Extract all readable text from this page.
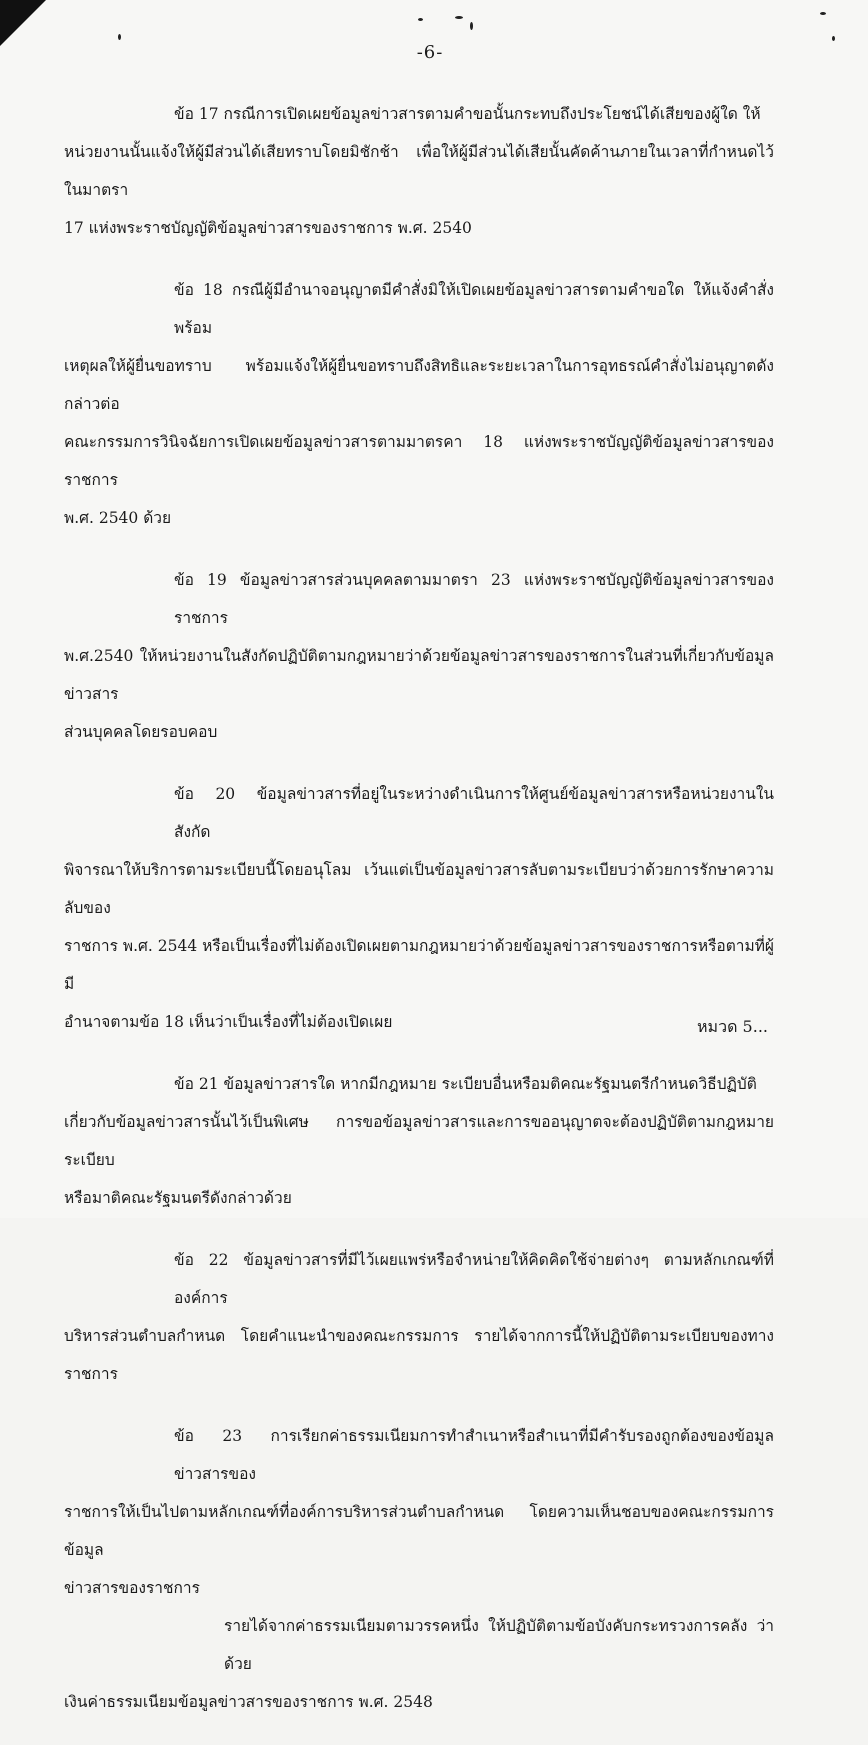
-6-

ข้อ 17 กรณีการเปิดเผยข้อมูลข่าวสารตามคำขอนั้นกระทบถึงประโยชน์ได้เสียของผู้ใด ให้
หน่วยงานนั้นแจ้งให้ผู้มีส่วนได้เสียทราบโดยมิชักช้า เพื่อให้ผู้มีส่วนได้เสียนั้นคัดค้านภายในเวลาที่กำหนดไว้ในมาตรา
17 แห่งพระราชบัญญัติข้อมูลข่าวสารของราชการ พ.ศ. 2540

ข้อ 18 กรณีผู้มีอำนาจอนุญาตมีคำสั่งมิให้เปิดเผยข้อมูลข่าวสารตามคำขอใด ให้แจ้งคำสั่งพร้อม
เหตุผลให้ผู้ยื่นขอทราบ พร้อมแจ้งให้ผู้ยื่นขอทราบถึงสิทธิและระยะเวลาในการอุทธรณ์คำสั่งไม่อนุญาตดังกล่าวต่อ
คณะกรรมการวินิจฉัยการเปิดเผยข้อมูลข่าวสารตามมาตรคา 18 แห่งพระราชบัญญัติข้อมูลข่าวสารของราชการ
พ.ศ. 2540 ด้วย

ข้อ 19 ข้อมูลข่าวสารส่วนบุคคลตามมาตรา 23 แห่งพระราชบัญญัติข้อมูลข่าวสารของราชการ
พ.ศ.2540 ให้หน่วยงานในสังกัดปฏิบัติตามกฎหมายว่าด้วยข้อมูลข่าวสารของราชการในส่วนที่เกี่ยวกับข้อมูลข่าวสาร
ส่วนบุคคลโดยรอบคอบ

ข้อ 20 ข้อมูลข่าวสารที่อยู่ในระหว่างดำเนินการให้ศูนย์ข้อมูลข่าวสารหรือหน่วยงานในสังกัด
พิจารณาให้บริการตามระเบียบนี้โดยอนุโลม เว้นแต่เป็นข้อมูลข่าวสารลับตามระเบียบว่าด้วยการรักษาความลับของ
ราชการ พ.ศ. 2544 หรือเป็นเรื่องที่ไม่ต้องเปิดเผยตามกฎหมายว่าด้วยข้อมูลข่าวสารของราชการหรือตามที่ผู้มี
อำนาจตามข้อ 18 เห็นว่าเป็นเรื่องที่ไม่ต้องเปิดเผย

ข้อ 21 ข้อมูลข่าวสารใด หากมีกฎหมาย ระเบียบอื่นหรือมติคณะรัฐมนตรีกำหนดวิธีปฏิบัติ
เกี่ยวกับข้อมูลข่าวสารนั้นไว้เป็นพิเศษ การขอข้อมูลข่าวสารและการขออนุญาตจะต้องปฏิบัติตามกฎหมาย ระเบียบ
หรือมาติคณะรัฐมนตรีดังกล่าวด้วย

ข้อ 22 ข้อมูลข่าวสารที่มีไว้เผยแพร่หรือจำหน่ายให้คิดคิดใช้จ่ายต่างๆ ตามหลักเกณฑ์ที่องค์การ
บริหารส่วนตำบลกำหนด โดยคำแนะนำของคณะกรรมการ รายได้จากการนี้ให้ปฏิบัติตามระเบียบของทางราชการ

ข้อ 23 การเรียกค่าธรรมเนียมการทำสำเนาหรือสำเนาที่มีคำรับรองถูกต้องของข้อมูลข่าวสารของ
ราชการให้เป็นไปตามหลักเกณฑ์ที่องค์การบริหารส่วนตำบลกำหนด โดยความเห็นชอบของคณะกรรมการข้อมูล
ข่าวสารของราชการ
รายได้จากค่าธรรมเนียมตามวรรคหนึ่ง ให้ปฏิบัติตามข้อบังคับกระทรวงการคลัง ว่าด้วย
เงินค่าธรรมเนียมข้อมูลข่าวสารของราชการ พ.ศ. 2548

หมวด 5...
